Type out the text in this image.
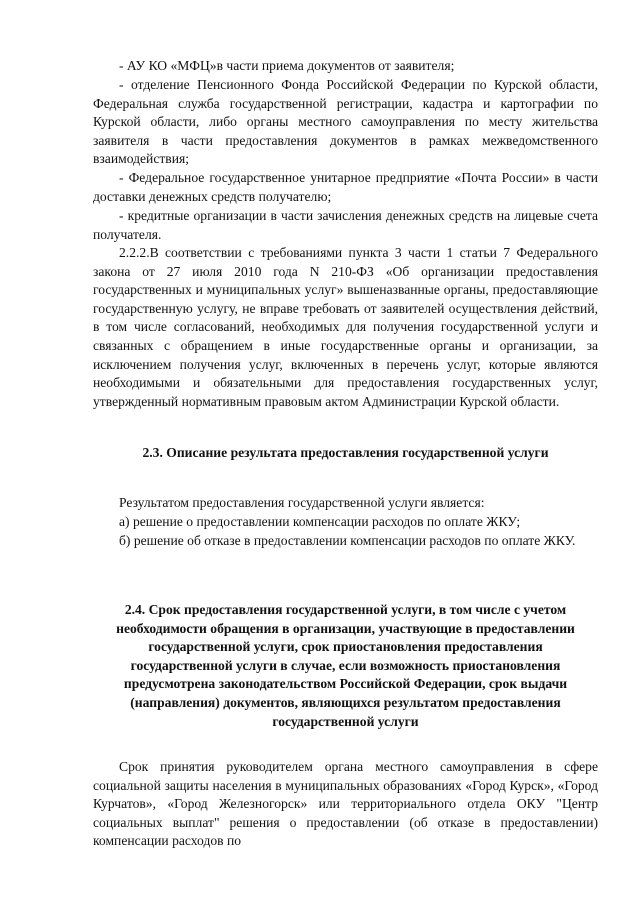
- АУ КО «МФЦ»в части приема документов от заявителя;

- отделение Пенсионного Фонда Российской Федерации по Курской области, Федеральная служба государственной регистрации, кадастра и картографии по Курской области, либо органы местного самоуправления по месту жительства заявителя в части предоставления документов в рамках межведомственного взаимодействия;

- Федеральное государственное унитарное предприятие «Почта России» в части доставки денежных средств получателю;

- кредитные организации в части зачисления денежных средств на лицевые счета получателя.

2.2.2.В соответствии с требованиями пункта 3 части 1 статьи 7 Федерального закона от 27 июля 2010 года N 210-ФЗ «Об организации предоставления государственных и муниципальных услуг» вышеназванные органы, предоставляющие государственную услугу, не вправе требовать от заявителей осуществления действий, в том числе согласований, необходимых для получения государственной услуги и связанных с обращением в иные государственные органы и организации, за исключением получения услуг, включенных в перечень услуг, которые являются необходимыми и обязательными для предоставления государственных услуг, утвержденный нормативным правовым актом Администрации Курской области.

2.3. Описание результата предоставления государственной услуги

Результатом предоставления государственной услуги является:

а) решение о предоставлении компенсации расходов по оплате ЖКУ;

б) решение об отказе в предоставлении компенсации расходов по оплате ЖКУ.

2.4. Срок предоставления государственной услуги, в том числе с учетом необходимости обращения в организации, участвующие в предоставлении государственной услуги, срок приостановления предоставления государственной услуги в случае, если возможность приостановления предусмотрена законодательством Российской Федерации, срок выдачи (направления) документов, являющихся результатом предоставления государственной услуги

Срок принятия руководителем органа местного самоуправления в сфере социальной защиты населения в муниципальных образованиях «Город Курск», «Город Курчатов», «Город Железногорск» или территориального отдела ОКУ "Центр социальных выплат" решения о предоставлении (об отказе в предоставлении) компенсации расходов по
